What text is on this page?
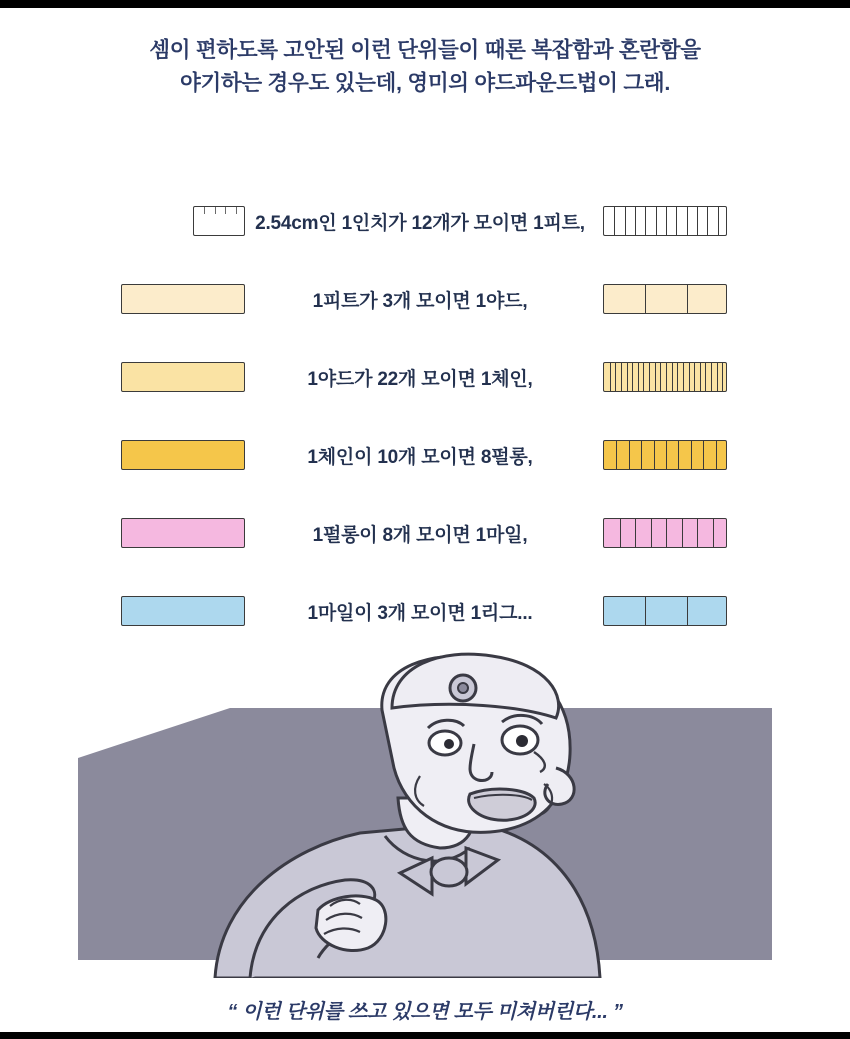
셈이 편하도록 고안된 이런 단위들이 때론 복잡함과 혼란함을
야기하는 경우도 있는데, 영미의 야드파운드법이 그래.
2.54cm인 1인치가 12개가 모이면 1피트,
1피트가 3개 모이면 1야드,
1야드가 22개 모이면 1체인,
1체인이 10개 모이면 8펄롱,
1펄롱이 8개 모이면 1마일,
1마일이 3개 모이면 1리그...
“ 이런 단위를 쓰고 있으면 모두 미쳐버린다... ”
